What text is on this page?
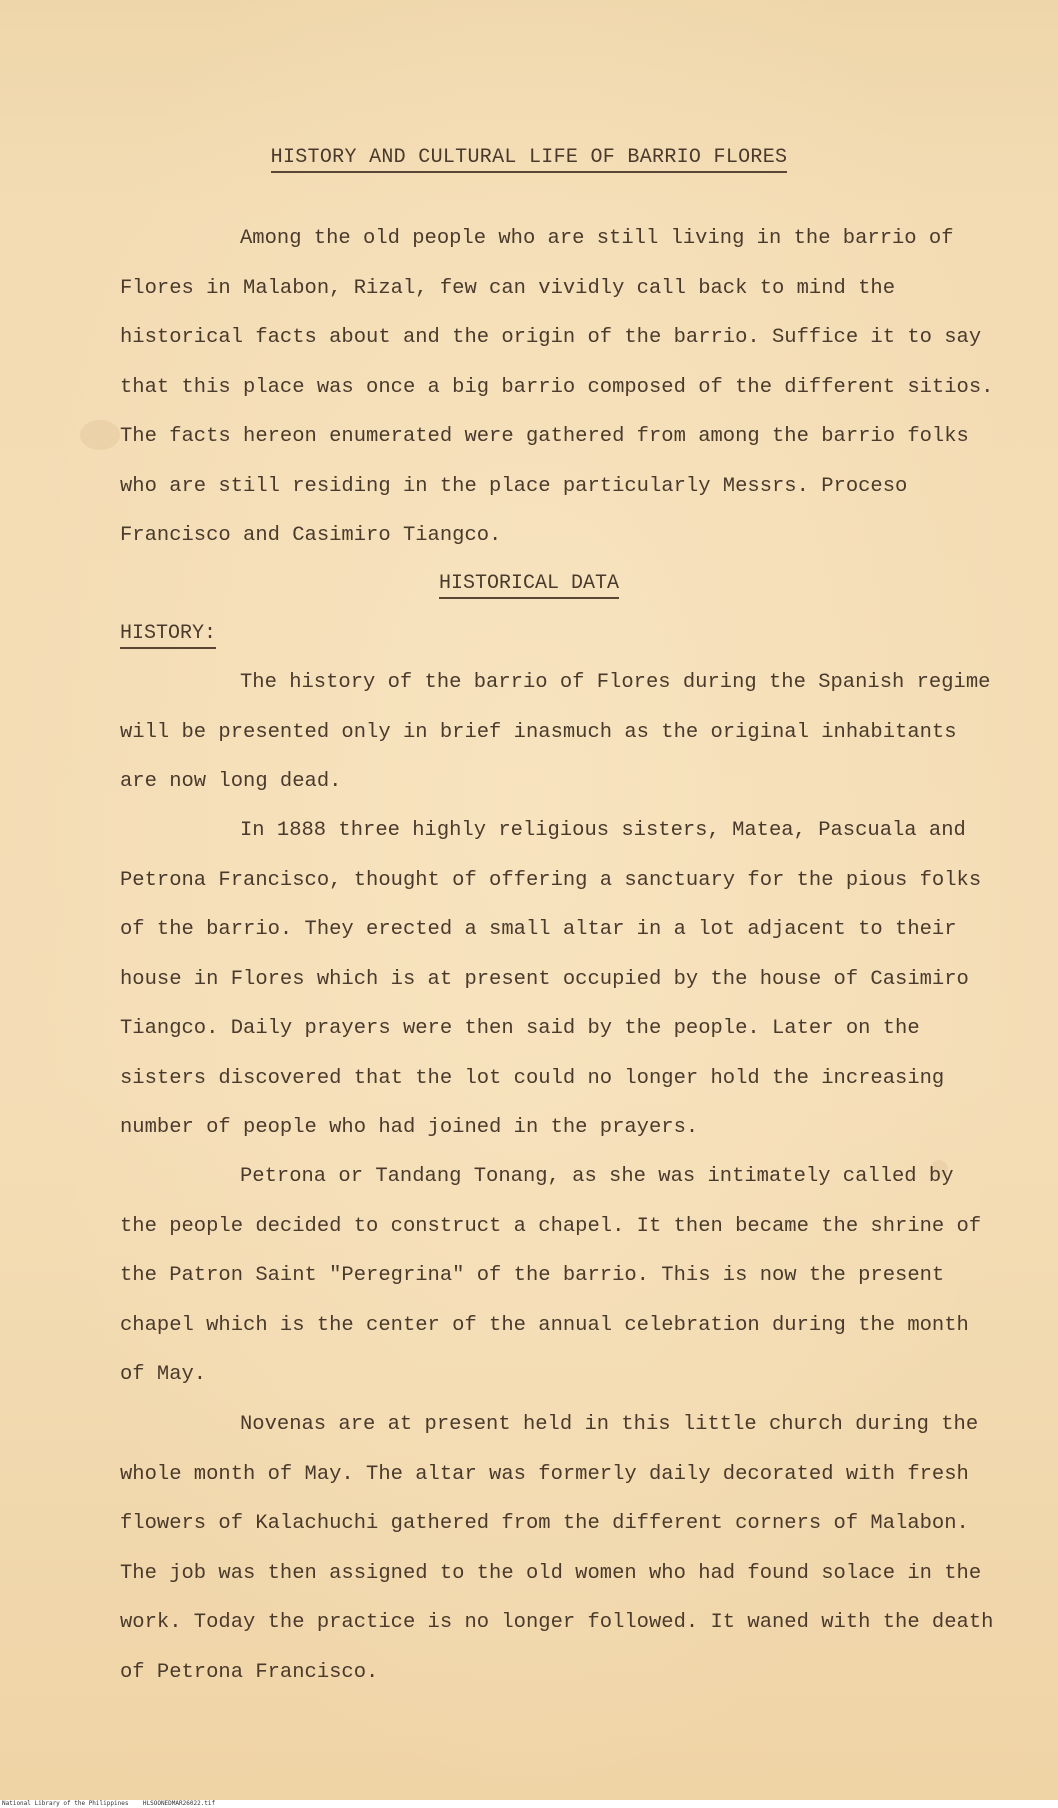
HISTORY AND CULTURAL LIFE OF BARRIO FLORES

Among the old people who are still living in the barrio of Flores in Malabon, Rizal, few can vividly call back to mind the historical facts about and the origin of the barrio. Suffice it to say that this place was once a big barrio composed of the different sitios. The facts hereon enumerated were gathered from among the barrio folks who are still residing in the place particularly Messrs. Proceso Francisco and Casimiro Tiangco.

HISTORICAL DATA
HISTORY:

The history of the barrio of Flores during the Spanish regime will be presented only in brief inasmuch as the original inhabitants are now long dead.

In 1888 three highly religious sisters, Matea, Pascuala and Petrona Francisco, thought of offering a sanctuary for the pious folks of the barrio. They erected a small altar in a lot adjacent to their house in Flores which is at present occupied by the house of Casimiro Tiangco. Daily prayers were then said by the people. Later on the sisters discovered that the lot could no longer hold the increasing number of people who had joined in the prayers.

Petrona or Tandang Tonang, as she was intimately called by the people decided to construct a chapel. It then became the shrine of the Patron Saint "Peregrina" of the barrio. This is now the present chapel which is the center of the annual celebration during the month of May.

Novenas are at present held in this little church during the whole month of May. The altar was formerly daily decorated with fresh flowers of Kalachuchi gathered from the different corners of Malabon. The job was then assigned to the old women who had found solace in the work. Today the practice is no longer followed. It waned with the death of Petrona Francisco.

National Library of the Philippines    HLSOONEDMAR26022.tif
